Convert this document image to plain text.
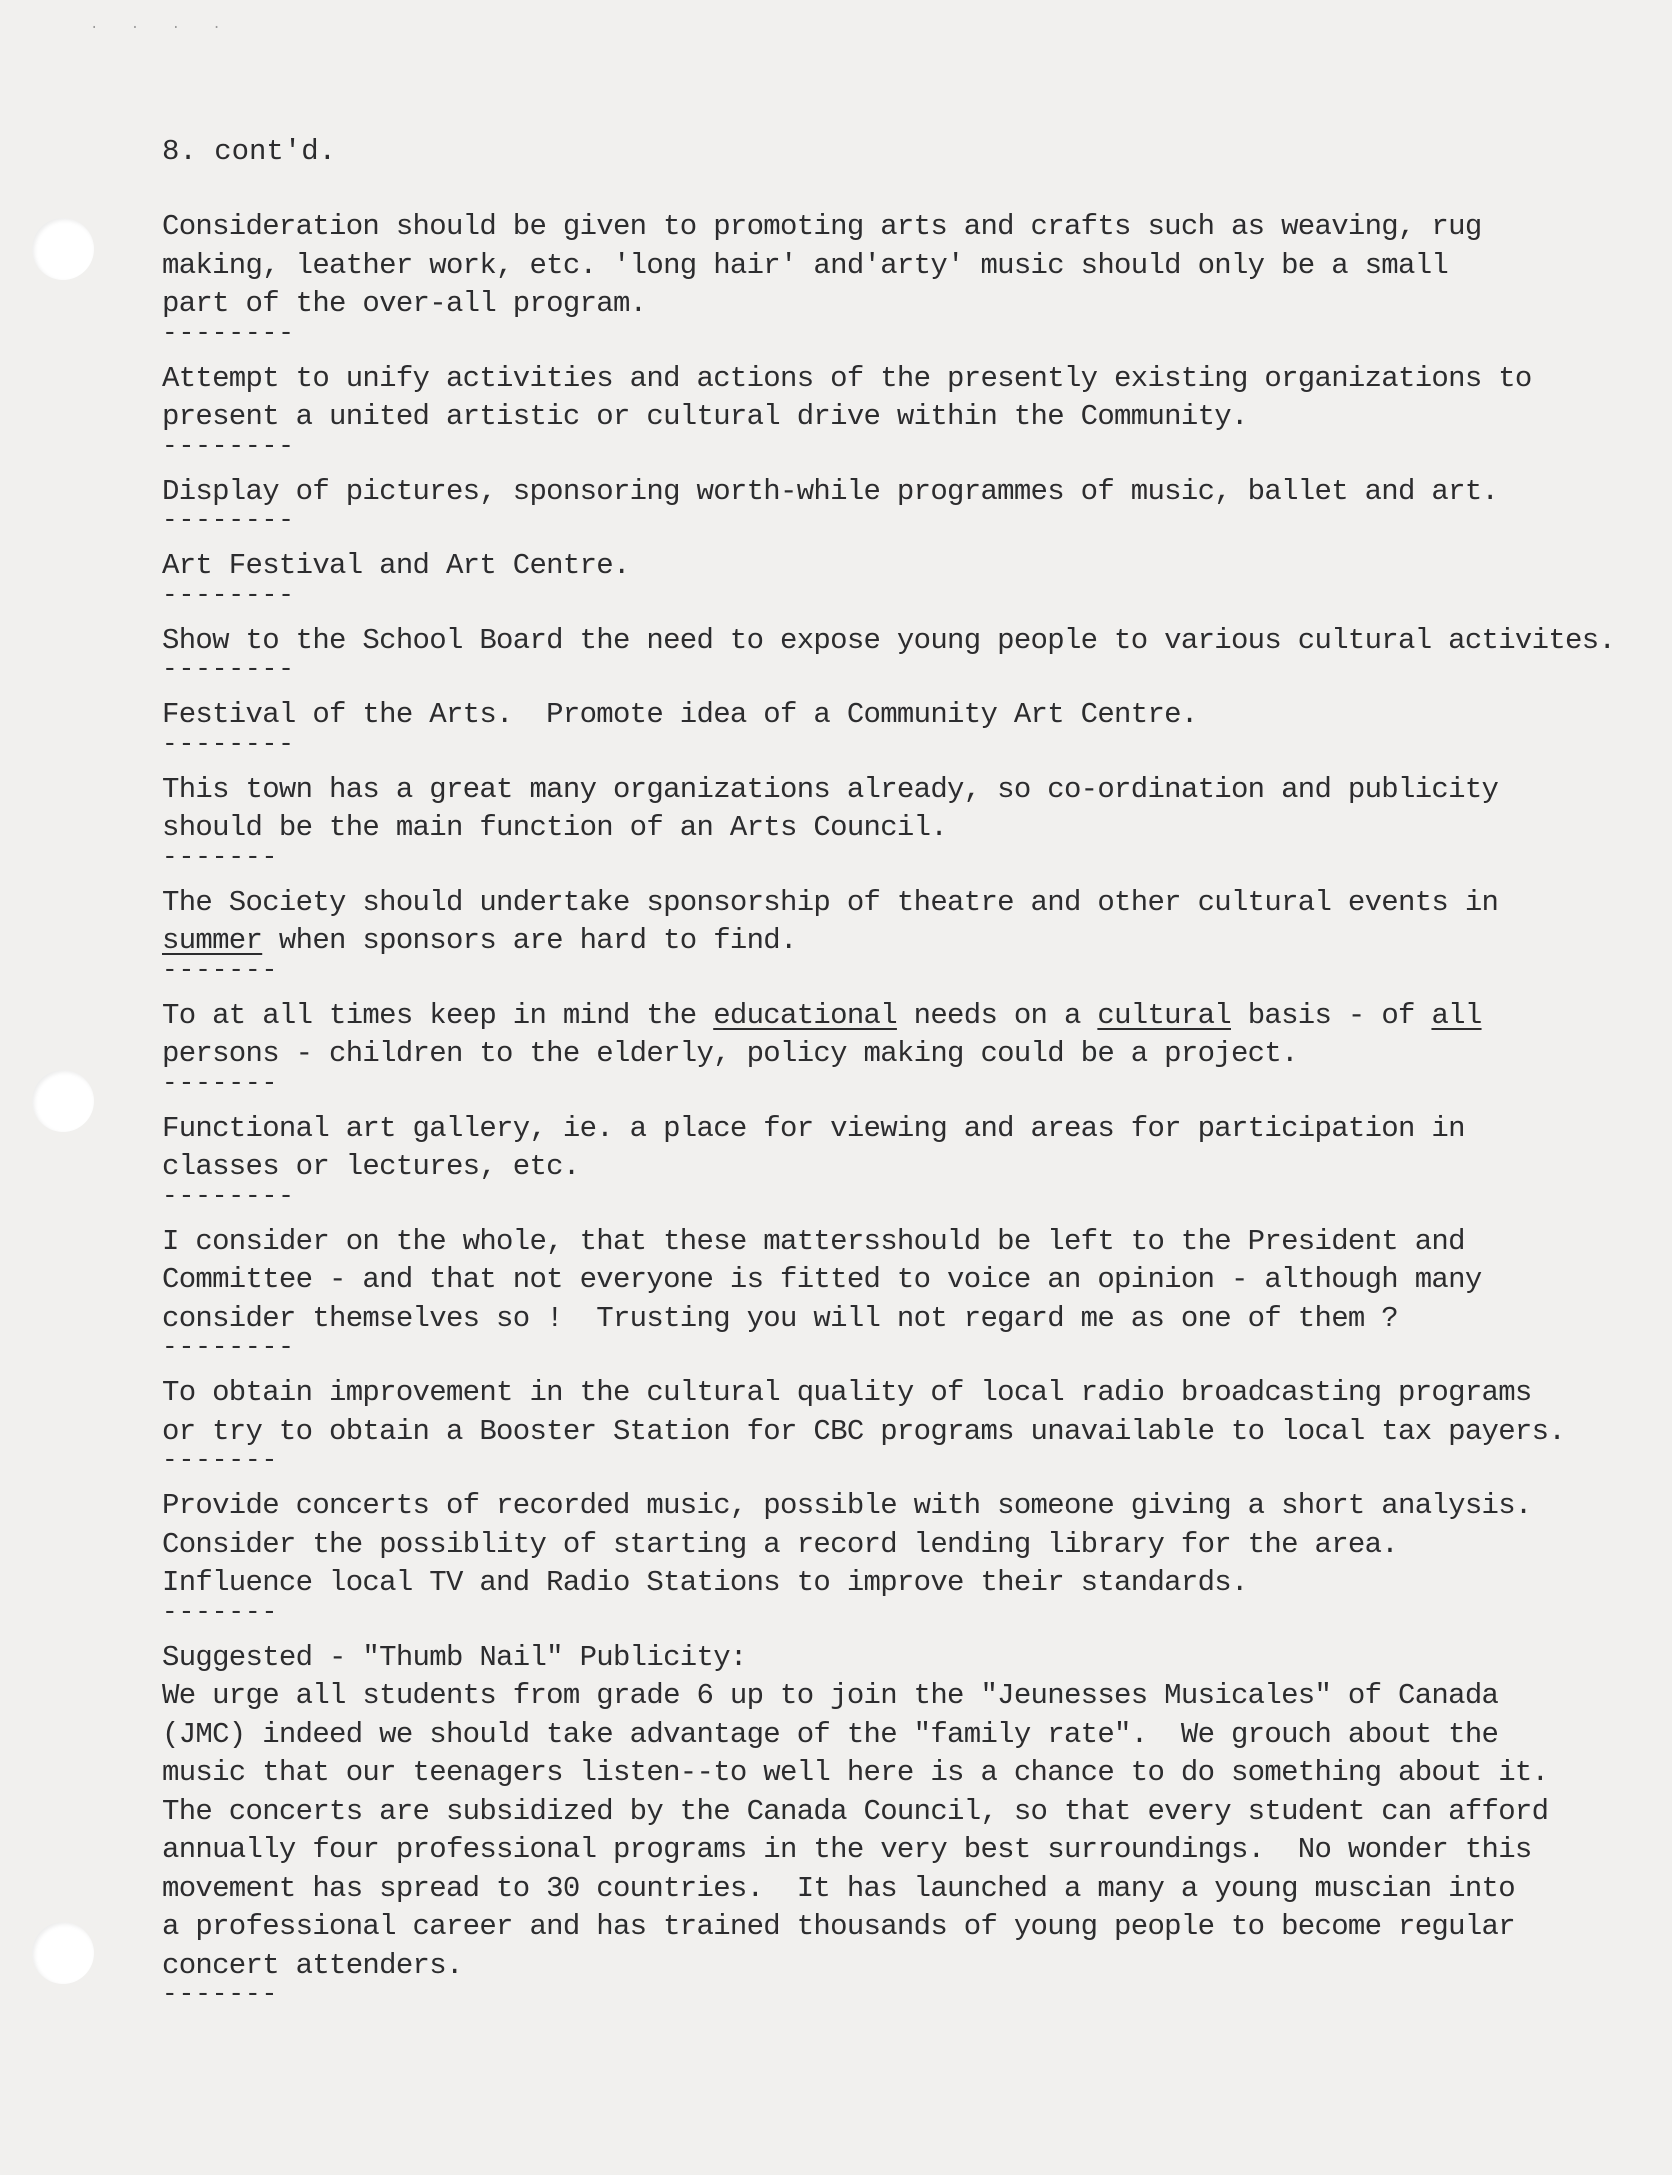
· · · ·
8. cont'd.
Consideration should be given to promoting arts and crafts such as weaving, rug
making, leather work, etc. 'long hair' and'arty' music should only be a small
part of the over-all program.
--------
Attempt to unify activities and actions of the presently existing organizations to
present a united artistic or cultural drive within the Community.
--------
Display of pictures, sponsoring worth-while programmes of music, ballet and art.
--------
Art Festival and Art Centre.
--------
Show to the School Board the need to expose young people to various cultural activites.
--------
Festival of the Arts.  Promote idea of a Community Art Centre.
--------
This town has a great many organizations already, so co-ordination and publicity
should be the main function of an Arts Council.
-------
The Society should undertake sponsorship of theatre and other cultural events in
summer when sponsors are hard to find.
-------
To at all times keep in mind the educational needs on a cultural basis - of all
persons - children to the elderly, policy making could be a project.
-------
Functional art gallery, ie. a place for viewing and areas for participation in
classes or lectures, etc.
--------
I consider on the whole, that these mattersshould be left to the President and
Committee - and that not everyone is fitted to voice an opinion - although many
consider themselves so !  Trusting you will not regard me as one of them ?
--------
To obtain improvement in the cultural quality of local radio broadcasting programs
or try to obtain a Booster Station for CBC programs unavailable to local tax payers.
-------
Provide concerts of recorded music, possible with someone giving a short analysis.
Consider the possiblity of starting a record lending library for the area.
Influence local TV and Radio Stations to improve their standards.
-------
Suggested - "Thumb Nail" Publicity:
We urge all students from grade 6 up to join the "Jeunesses Musicales" of Canada
(JMC) indeed we should take advantage of the "family rate".  We grouch about the
music that our teenagers listen--to well here is a chance to do something about it.
The concerts are subsidized by the Canada Council, so that every student can afford
annually four professional programs in the very best surroundings.  No wonder this
movement has spread to 30 countries.  It has launched a many a young muscian into
a professional career and has trained thousands of young people to become regular
concert attenders.
-------
